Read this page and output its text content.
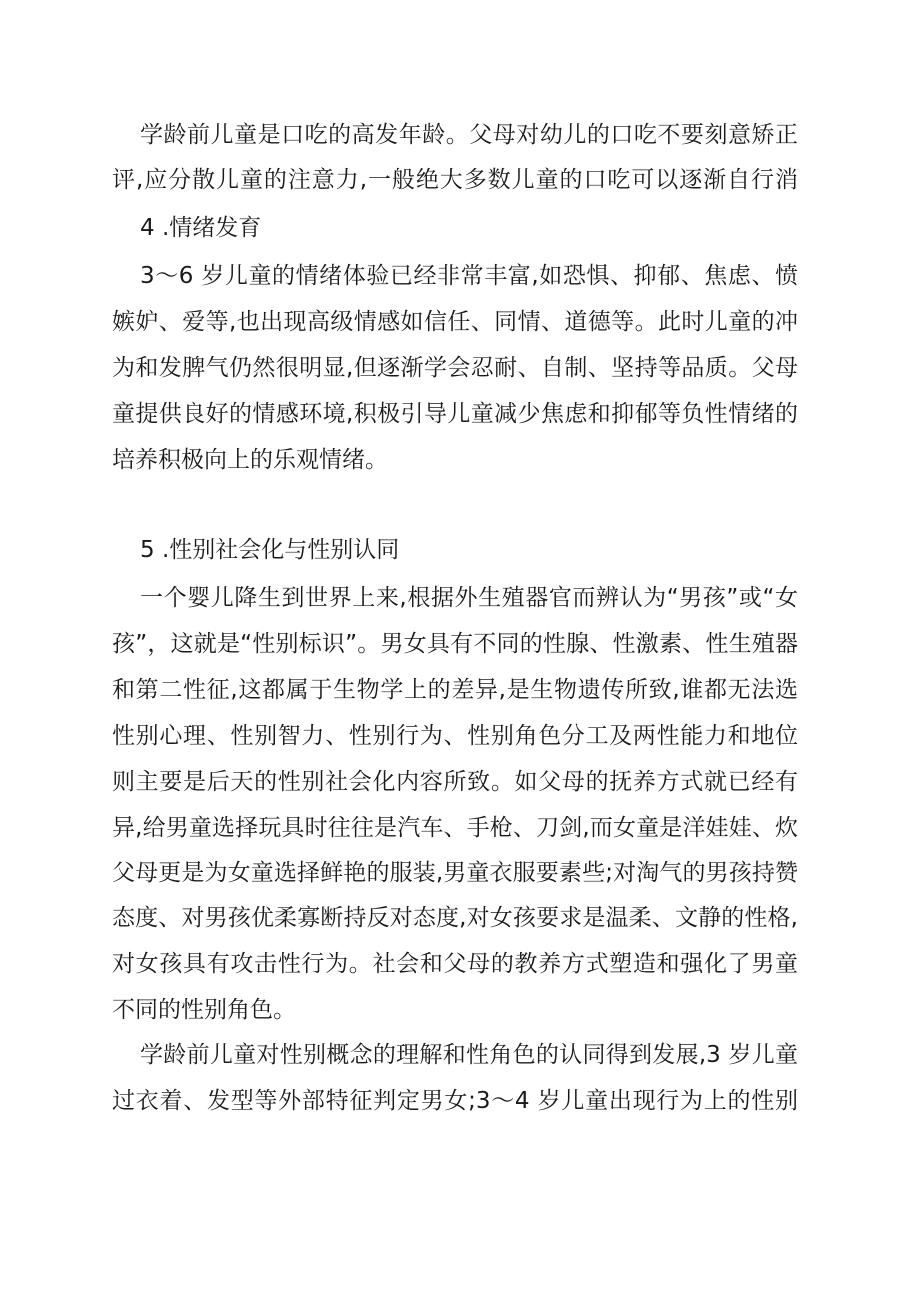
学龄前儿童是口吃的高发年龄。父母对幼儿的口吃不要刻意矫正
评,应分散儿童的注意力,一般绝大多数儿童的口吃可以逐渐自行消
4 .情绪发育
3～6 岁儿童的情绪体验已经非常丰富,如恐惧、抑郁、焦虑、愤
嫉妒、爱等,也出现高级情感如信任、同情、道德等。此时儿童的冲
为和发脾气仍然很明显,但逐渐学会忍耐、自制、坚持等品质。父母
童提供良好的情感环境,积极引导儿童减少焦虑和抑郁等负性情绪的
培养积极向上的乐观情绪。
5 .性别社会化与性别认同
一个婴儿降生到世界上来,根据外生殖器官而辨认为“男孩”或“女
孩”，这就是“性别标识”。男女具有不同的性腺、性激素、性生殖器
和第二性征,这都属于生物学上的差异,是生物遗传所致,谁都无法选
性别心理、性别智力、性别行为、性别角色分工及两性能力和地位
则主要是后天的性别社会化内容所致。如父母的抚养方式就已经有
异,给男童选择玩具时往往是汽车、手枪、刀剑,而女童是洋娃娃、炊
父母更是为女童选择鲜艳的服装,男童衣服要素些;对淘气的男孩持赞
态度、对男孩优柔寡断持反对态度,对女孩要求是温柔、文静的性格,
对女孩具有攻击性行为。社会和父母的教养方式塑造和强化了男童
不同的性别角色。
学龄前儿童对性别概念的理解和性角色的认同得到发展,3 岁儿童
过衣着、发型等外部特征判定男女;3～4 岁儿童出现行为上的性别
